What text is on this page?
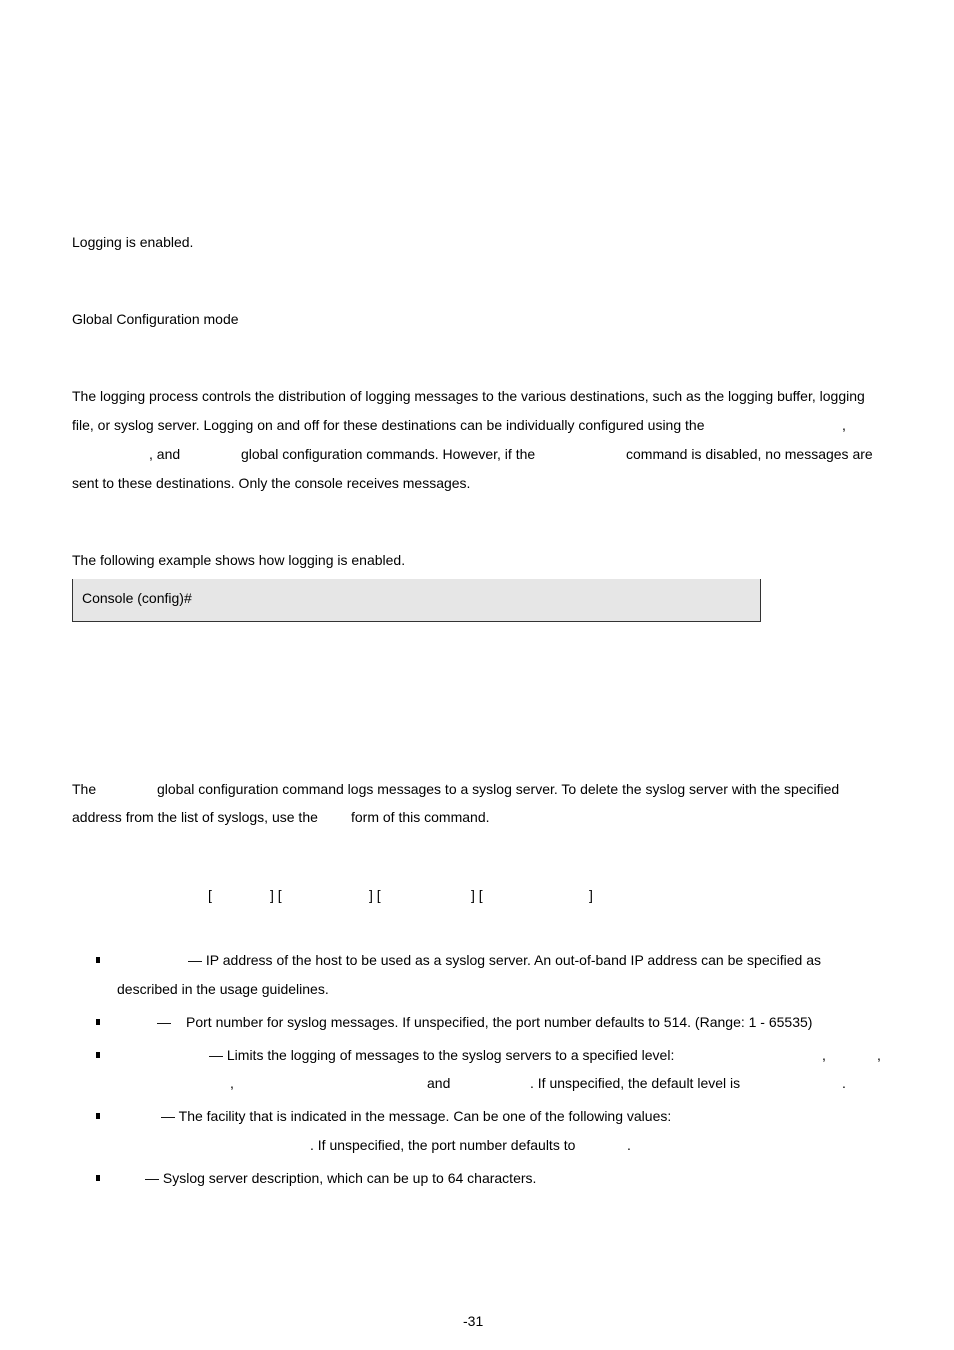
Logging is enabled.
Global Configuration mode
The logging process controls the distribution of logging messages to the various destinations, such as the logging buffer, logging
file, or syslog server. Logging on and off for these destinations can be individually configured using the	,
, and	global configuration commands. However, if the	command is disabled, no messages are
sent to these destinations. Only the console receives messages.
The following example shows how logging is enabled.
Console (config)#
The	global configuration command logs messages to a syslog server. To delete the syslog server with the specified
address from the list of syslogs, use the form of this command.
[	] [	] [	] [	]
— IP address of the host to be used as a syslog server. An out-of-band IP address can be specified as
described in the usage guidelines.
— Port number for syslog messages. If unspecified, the port number defaults to 514. (Range: 1 - 65535)
— Limits the logging of messages to the syslog servers to a specified level:	,	,
,	and	. If unspecified, the default level is	.
— The facility that is indicated in the message. Can be one of the following values:
. If unspecified, the port number defaults to	.
— Syslog server description, which can be up to 64 characters.
-31
